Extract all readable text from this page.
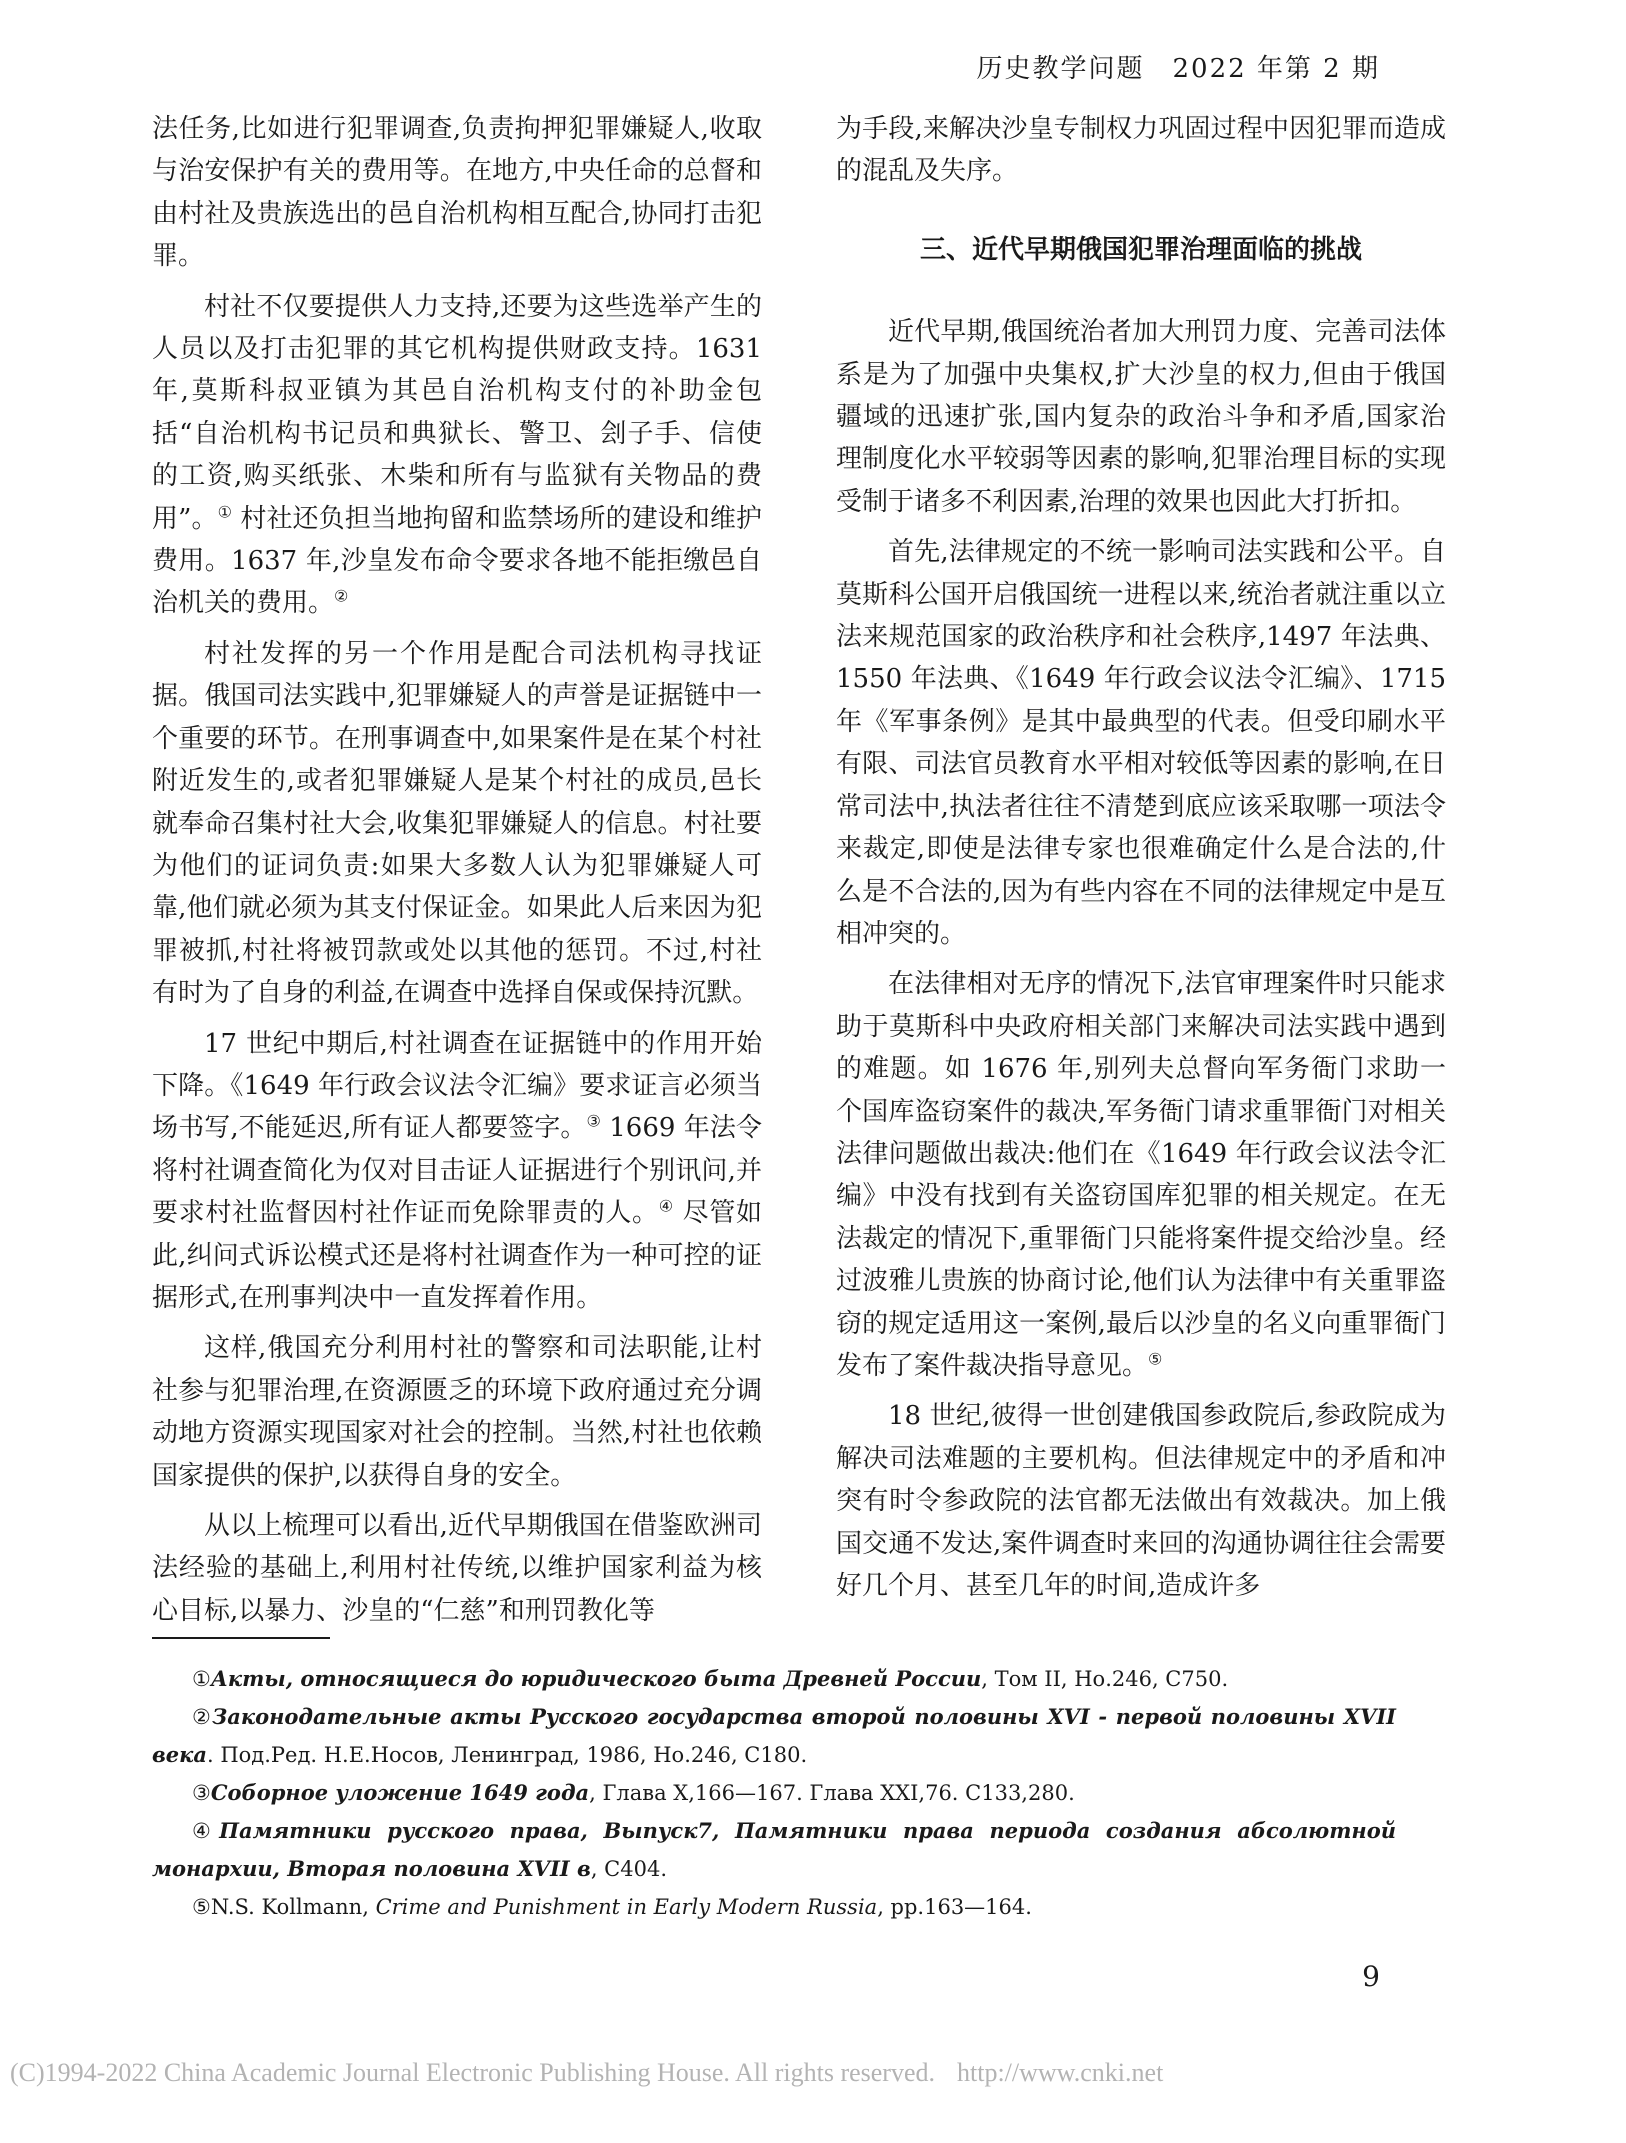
历史教学问题 2022 年第 2 期

法任务,比如进行犯罪调查,负责拘押犯罪嫌疑人,收取与治安保护有关的费用等。在地方,中央任命的总督和由村社及贵族选出的邑自治机构相互配合,协同打击犯罪。

村社不仅要提供人力支持,还要为这些选举产生的人员以及打击犯罪的其它机构提供财政支持。1631 年,莫斯科叔亚镇为其邑自治机构支付的补助金包括“自治机构书记员和典狱长、警卫、刽子手、信使的工资,购买纸张、木柴和所有与监狱有关物品的费用”。① 村社还负担当地拘留和监禁场所的建设和维护费用。1637 年,沙皇发布命令要求各地不能拒缴邑自治机关的费用。②

村社发挥的另一个作用是配合司法机构寻找证据。俄国司法实践中,犯罪嫌疑人的声誉是证据链中一个重要的环节。在刑事调查中,如果案件是在某个村社附近发生的,或者犯罪嫌疑人是某个村社的成员,邑长就奉命召集村社大会,收集犯罪嫌疑人的信息。村社要为他们的证词负责:如果大多数人认为犯罪嫌疑人可靠,他们就必须为其支付保证金。如果此人后来因为犯罪被抓,村社将被罚款或处以其他的惩罚。不过,村社有时为了自身的利益,在调查中选择自保或保持沉默。

17 世纪中期后,村社调查在证据链中的作用开始下降。《1649 年行政会议法令汇编》要求证言必须当场书写,不能延迟,所有证人都要签字。③ 1669 年法令将村社调查简化为仅对目击证人证据进行个别讯问,并要求村社监督因村社作证而免除罪责的人。④ 尽管如此,纠问式诉讼模式还是将村社调查作为一种可控的证据形式,在刑事判决中一直发挥着作用。

这样,俄国充分利用村社的警察和司法职能,让村社参与犯罪治理,在资源匮乏的环境下政府通过充分调动地方资源实现国家对社会的控制。当然,村社也依赖国家提供的保护,以获得自身的安全。

从以上梳理可以看出,近代早期俄国在借鉴欧洲司法经验的基础上,利用村社传统,以维护国家利益为核心目标,以暴力、沙皇的“仁慈”和刑罚教化等

为手段,来解决沙皇专制权力巩固过程中因犯罪而造成的混乱及失序。

三、近代早期俄国犯罪治理面临的挑战

近代早期,俄国统治者加大刑罚力度、完善司法体系是为了加强中央集权,扩大沙皇的权力,但由于俄国疆域的迅速扩张,国内复杂的政治斗争和矛盾,国家治理制度化水平较弱等因素的影响,犯罪治理目标的实现受制于诸多不利因素,治理的效果也因此大打折扣。

首先,法律规定的不统一影响司法实践和公平。自莫斯科公国开启俄国统一进程以来,统治者就注重以立法来规范国家的政治秩序和社会秩序,1497 年法典、1550 年法典、《1649 年行政会议法令汇编》、1715 年《军事条例》是其中最典型的代表。但受印刷水平有限、司法官员教育水平相对较低等因素的影响,在日常司法中,执法者往往不清楚到底应该采取哪一项法令来裁定,即使是法律专家也很难确定什么是合法的,什么是不合法的,因为有些内容在不同的法律规定中是互相冲突的。

在法律相对无序的情况下,法官审理案件时只能求助于莫斯科中央政府相关部门来解决司法实践中遇到的难题。如 1676 年,别列夫总督向军务衙门求助一个国库盗窃案件的裁决,军务衙门请求重罪衙门对相关法律问题做出裁决:他们在《1649 年行政会议法令汇编》中没有找到有关盗窃国库犯罪的相关规定。在无法裁定的情况下,重罪衙门只能将案件提交给沙皇。经过波雅儿贵族的协商讨论,他们认为法律中有关重罪盗窃的规定适用这一案例,最后以沙皇的名义向重罪衙门发布了案件裁决指导意见。⑤

18 世纪,彼得一世创建俄国参政院后,参政院成为解决司法难题的主要机构。但法律规定中的矛盾和冲突有时令参政院的法官都无法做出有效裁决。加上俄国交通不发达,案件调查时来回的沟通协调往往会需要好几个月、甚至几年的时间,造成许多

①Акты, относящиеся до юридического быта Древней России, Том II, Но.246, С750.

②Законодательные акты Русского государства второй половины XVI - первой половины XVII века. Под.Ред. Н.Е.Носов, Ленинград, 1986, Но.246, С180.

③Соборное уложение 1649 года, Глава X,166—167. Глава XXI,76. С133,280.

④Памятники русского права, Выпуск7, Памятники права периода создания абсолютной монархии, Вторая половина XVII в, С404.

⑤N.S. Kollmann, Crime and Punishment in Early Modern Russia, pp.163—164.

9
(C)1994-2022 China Academic Journal Electronic Publishing House. All rights reserved. http://www.cnki.net
